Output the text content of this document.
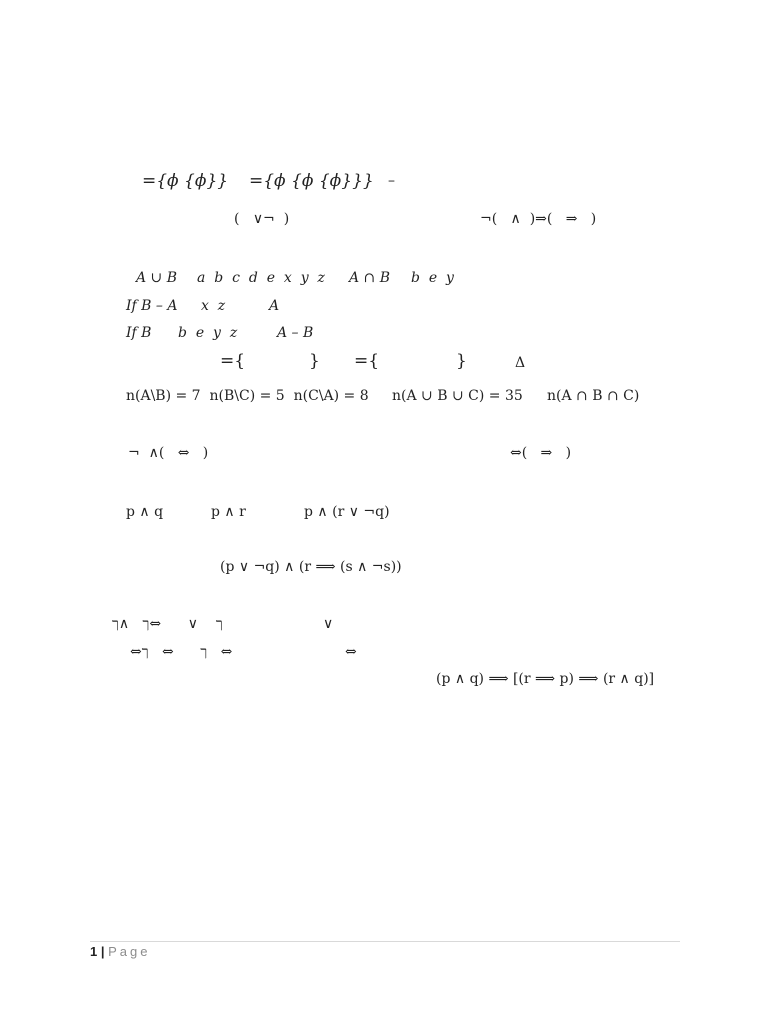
={ϕ {ϕ}} ={ϕ {ϕ {ϕ}}} –
(   ∨¬  )	¬(   ∧  )⇒(   ⇒   )
A ∪ B a  b  c  d  e  x  y  z A ∩ B b  e  y
If B – A x  z	A
If B b  e  y  z	A – B
={	} ={	}	Δ
n(A\B) = 7  n(B\C) = 5  n(C\A) = 8 n(A ∪ B ∪ C) = 35 n(A ∩ B ∩ C)
¬  ∧(   ⇔   )	⇔(   ⇒   )
p ∧ q	p ∧ r	p ∧ (r ∨ ¬q)
(p ∨ ¬q) ∧ (r ⟹ (s ∧ ¬s))
ך    ∨      ⇔ך   ∧ך	∨
⇔ך      ⇔   ך   ⇔	⇔
(p ∧ q) ⟹ [(r ⟹ p) ⟹ (r ∧ q)]
1 | Page
